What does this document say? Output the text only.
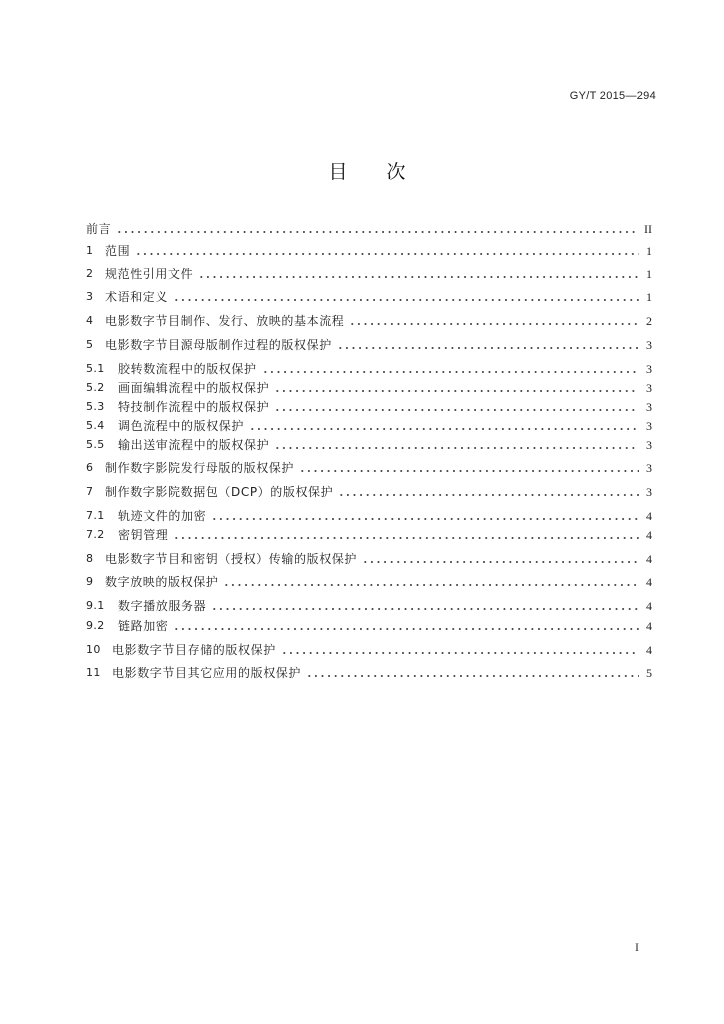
GY/T 2015—294
目　次
前言	II
1 范围	1
2 规范性引用文件	1
3 术语和定义	1
4 电影数字节目制作、发行、放映的基本流程	2
5 电影数字节目源母版制作过程的版权保护	3
5.1	胶转数流程中的版权保护	3
5.2	画面编辑流程中的版权保护	3
5.3	特技制作流程中的版权保护	3
5.4	调色流程中的版权保护	3
5.5	输出送审流程中的版权保护	3
6 制作数字影院发行母版的版权保护	3
7 制作数字影院数据包（DCP）的版权保护	3
7.1	轨迹文件的加密	4
7.2	密钥管理	4
8 电影数字节目和密钥（授权）传输的版权保护	4
9 数字放映的版权保护	4
9.1	数字播放服务器	4
9.2	链路加密	4
10 电影数字节目存储的版权保护	4
11 电影数字节目其它应用的版权保护	5
I
